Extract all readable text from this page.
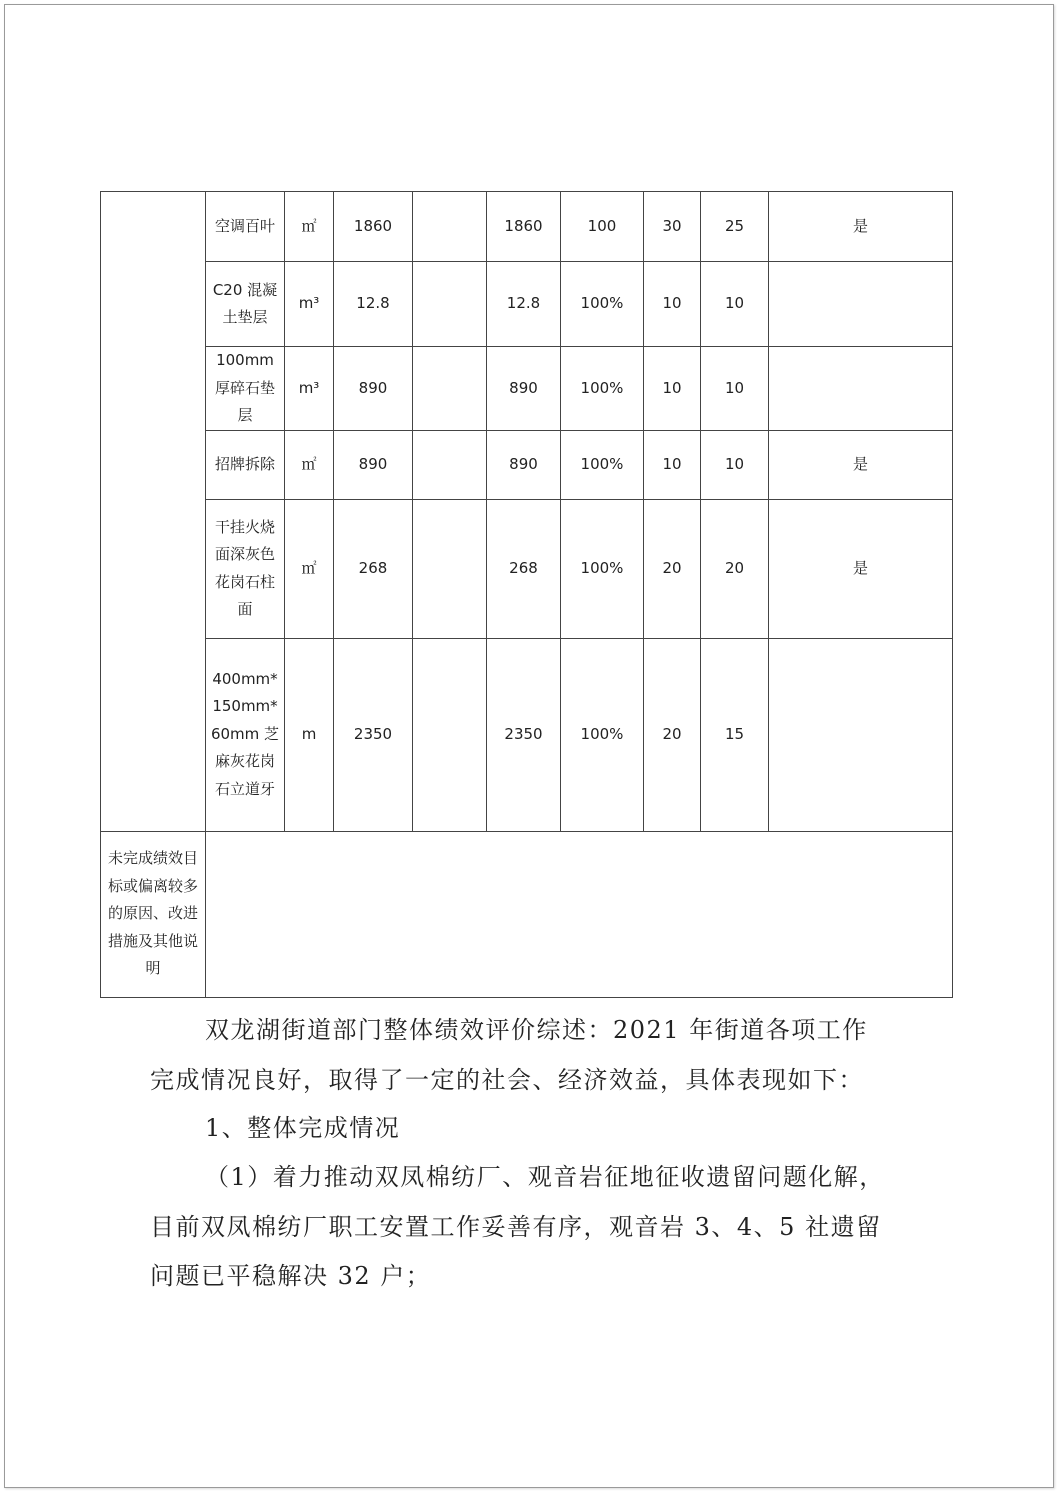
	空调百叶	㎡	1860		1860	100	30	25	是
	C20 混凝土垫层	m³	12.8		12.8	100%	10	10	
	100mm 厚碎石垫层	m³	890		890	100%	10	10	
	招牌拆除	㎡	890		890	100%	10	10	是
	干挂火烧面深灰色花岗石柱面	㎡	268		268	100%	20	20	是
	400mm*150mm*60mm 芝麻灰花岗石立道牙	m	2350		2350	100%	20	15	
未完成绩效目标或偏离较多的原因、改进措施及其他说明									
双龙湖街道部门整体绩效评价综述：2021 年街道各项工作
完成情况良好，取得了一定的社会、经济效益，具体表现如下：
1、整体完成情况
（1）着力推动双凤棉纺厂、观音岩征地征收遗留问题化解，
目前双凤棉纺厂职工安置工作妥善有序，观音岩 3、4、5 社遗留
问题已平稳解决 32 户；
